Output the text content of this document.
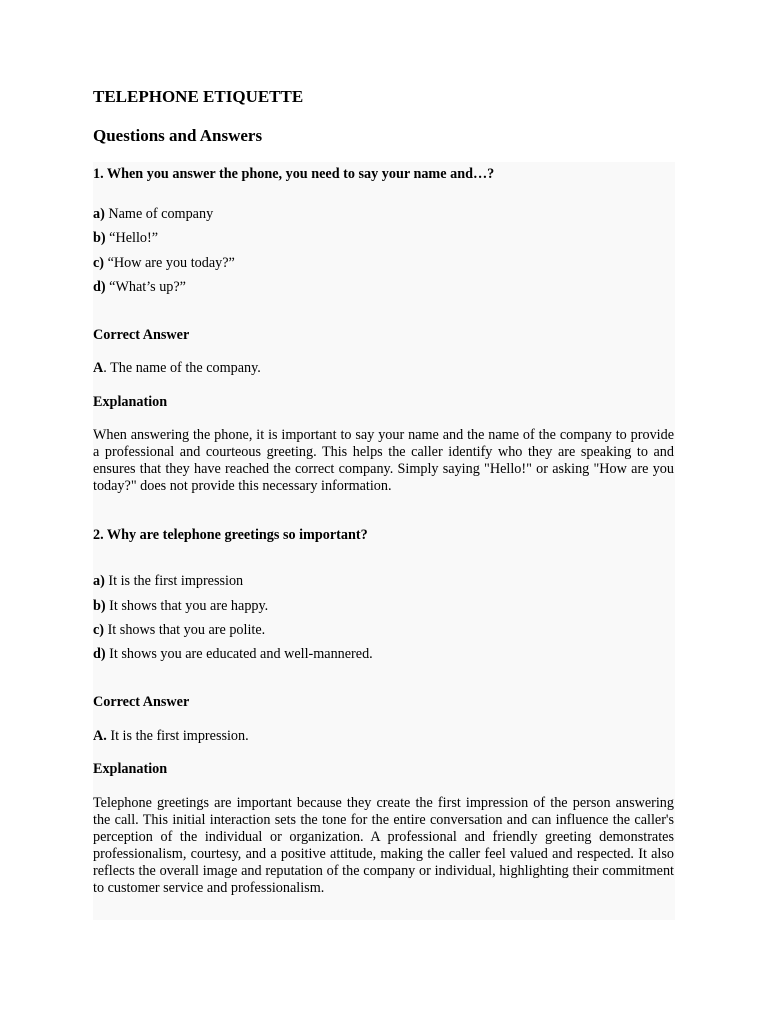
TELEPHONE ETIQUETTE
Questions and Answers

1. When you answer the phone, you need to say your name and…?

a) Name of company

b) “Hello!”

c) “How are you today?”

d) “What’s up?”

Correct Answer

A. The name of the company.

Explanation

When answering the phone, it is important to say your name and the name of the company to provide a professional and courteous greeting. This helps the caller identify who they are speaking to and ensures that they have reached the correct company. Simply saying "Hello!" or asking "How are you today?" does not provide this necessary information.

2. Why are telephone greetings so important?

a) It is the first impression

b) It shows that you are happy.

c) It shows that you are polite.

d) It shows you are educated and well-mannered.

Correct Answer

A. It is the first impression.

Explanation

Telephone greetings are important because they create the first impression of the person answering the call. This initial interaction sets the tone for the entire conversation and can influence the caller's perception of the individual or organization. A professional and friendly greeting demonstrates professionalism, courtesy, and a positive attitude, making the caller feel valued and respected. It also reflects the overall image and reputation of the company or individual, highlighting their commitment to customer service and professionalism.
